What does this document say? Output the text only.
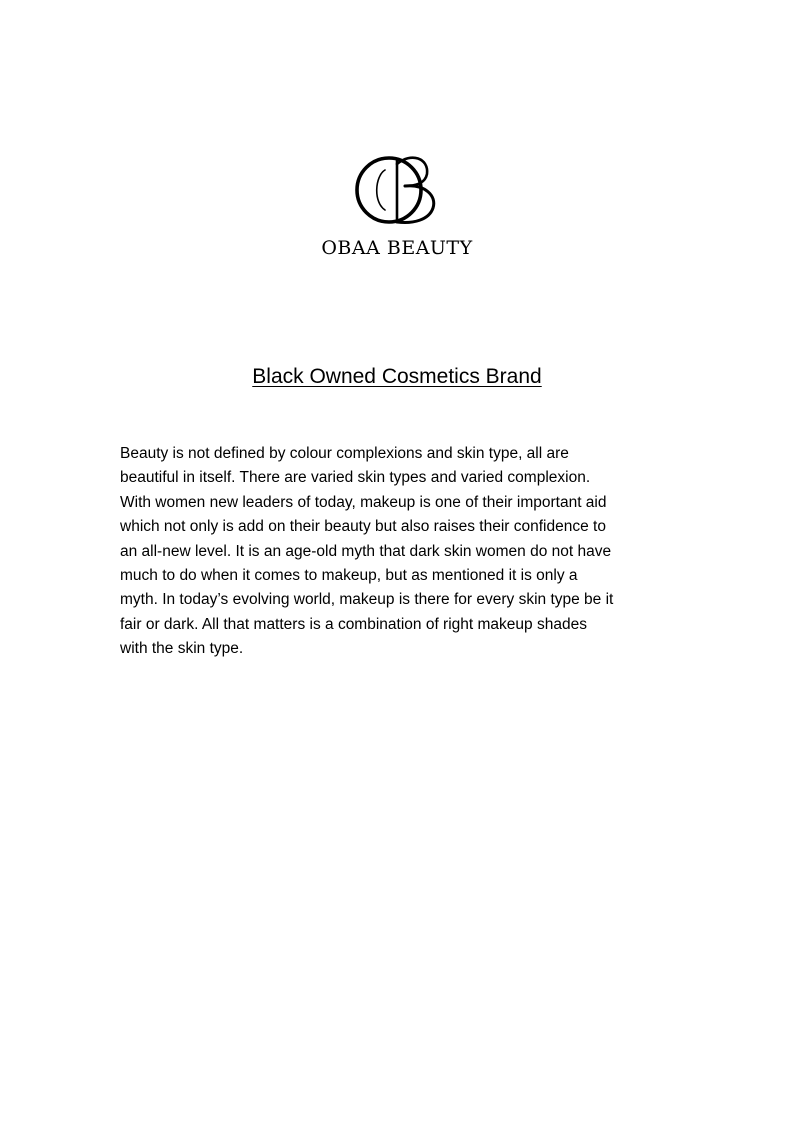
OBAA BEAUTY
Black Owned Cosmetics Brand
Beauty is not defined by colour complexions and skin type, all are
beautiful in itself. There are varied skin types and varied complexion.
With women new leaders of today, makeup is one of their important aid
which not only is add on their beauty but also raises their confidence to
an all-new level. It is an age-old myth that dark skin women do not have
much to do when it comes to makeup, but as mentioned it is only a
myth. In today’s evolving world, makeup is there for every skin type be it
fair or dark. All that matters is a combination of right makeup shades
with the skin type.
